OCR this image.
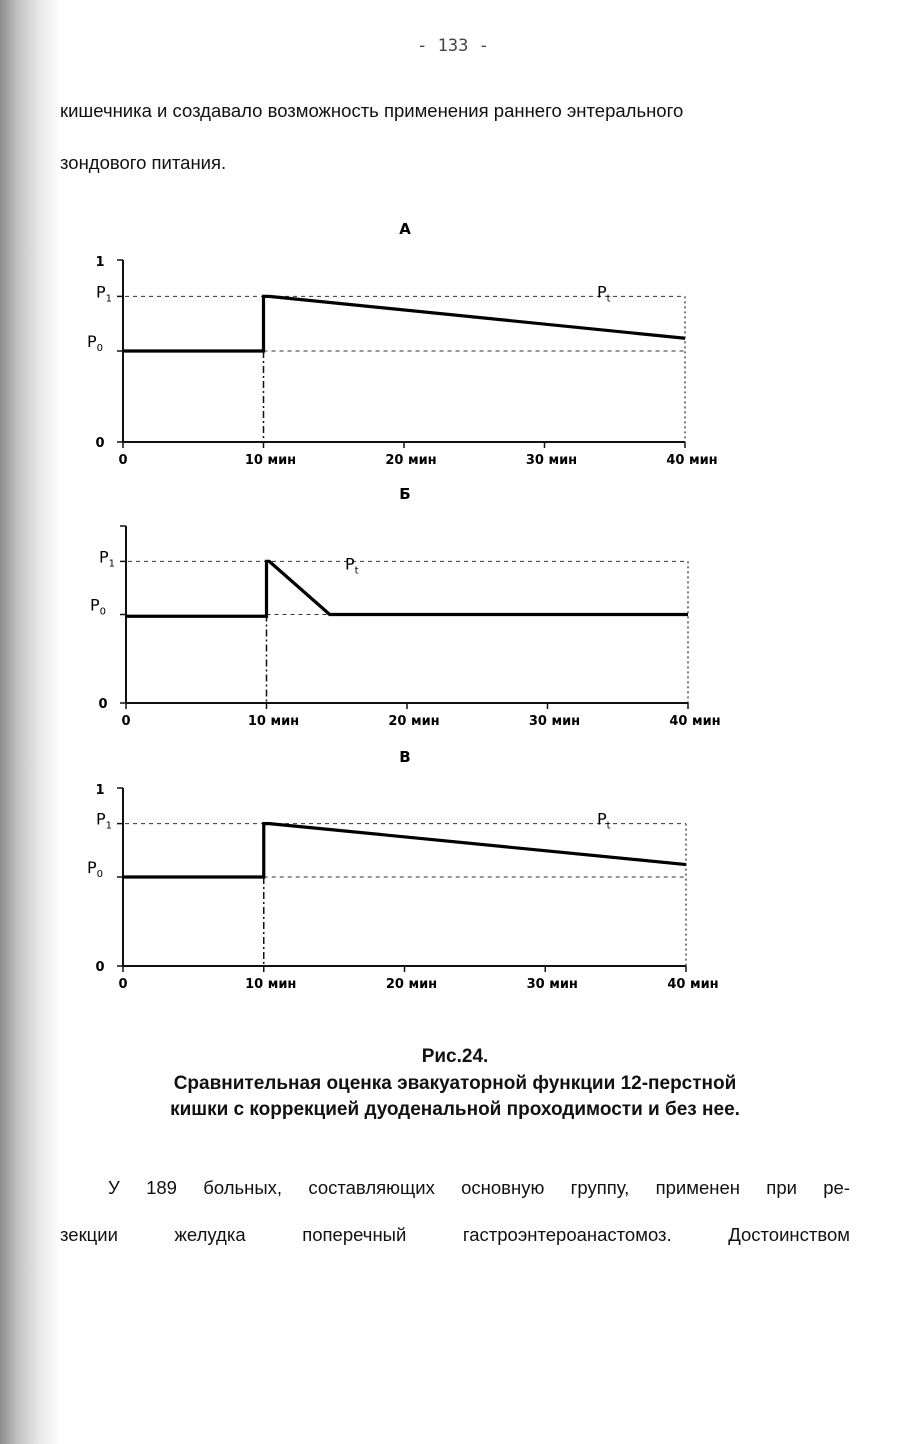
- 133 -

кишечника и создавало возможность применения раннего энтерального

зондового питания.

А
0
1
0	10 мин	20 мин	30 мин	40 мин
$P_1$
$P_0$
$P_t$
Б
0
0	10 мин	20 мин	30 мин	40 мин
$P_1$
$P_0$
$P_t$
В
0
1
0	10 мин	20 мин	30 мин	40 мин
$P_1$
$P_0$
$P_t$
Рис.24.
Сравнительная оценка эвакуаторной функции 12-перстной
кишки с коррекцией дуоденальной проходимости и без нее.

У 189 больных, составляющих основную группу, применен при ре-

зекции желудка поперечный гастроэнтероанастомоз. Достоинством
